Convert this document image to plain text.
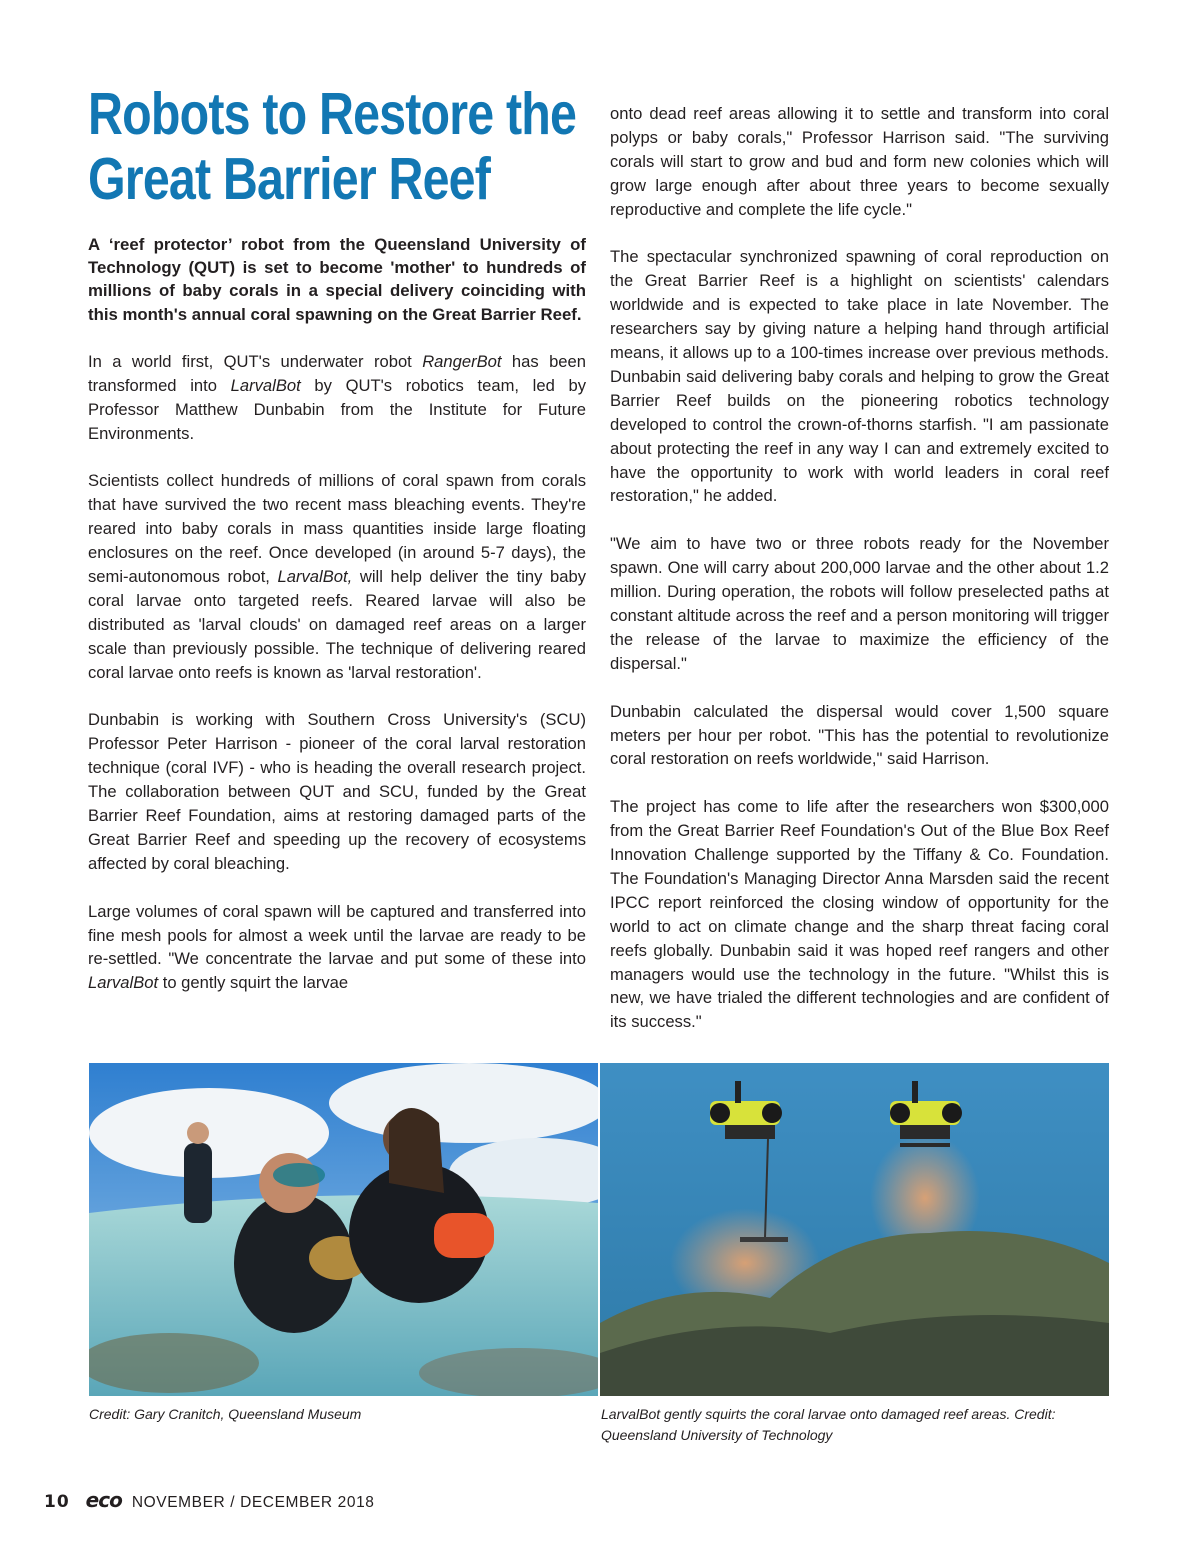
Robots to Restore the
Great Barrier Reef

A ‘reef protector’ robot from the Queensland University of Technology (QUT) is set to become 'mother' to hundreds of millions of baby corals in a special delivery coinciding with this month's annual coral spawning on the Great Barrier Reef.

In a world first, QUT's underwater robot RangerBot has been transformed into LarvalBot by QUT's robotics team, led by Professor Matthew Dunbabin from the Institute for Future Environments.

Scientists collect hundreds of millions of coral spawn from corals that have survived the two recent mass bleaching events. They're reared into baby corals in mass quantities inside large floating enclosures on the reef. Once developed (in around 5-7 days), the semi-autonomous robot, LarvalBot, will help deliver the tiny baby coral larvae onto targeted reefs. Reared larvae will also be distributed as 'larval clouds' on damaged reef areas on a larger scale than previously possible. The technique of delivering reared coral larvae onto reefs is known as 'larval restoration'.

Dunbabin is working with Southern Cross University's (SCU) Professor Peter Harrison - pioneer of the coral larval restoration technique (coral IVF) - who is heading the overall research project. The collaboration between QUT and SCU, funded by the Great Barrier Reef Foundation, aims at restoring damaged parts of the Great Barrier Reef and speeding up the recovery of ecosystems affected by coral bleaching.

Large volumes of coral spawn will be captured and transferred into fine mesh pools for almost a week until the larvae are ready to be re-settled. "We concentrate the larvae and put some of these into LarvalBot to gently squirt the larvae

onto dead reef areas allowing it to settle and transform into coral polyps or baby corals," Professor Harrison said. "The surviving corals will start to grow and bud and form new colonies which will grow large enough after about three years to become sexually reproductive and complete the life cycle."

The spectacular synchronized spawning of coral reproduction on the Great Barrier Reef is a highlight on scientists' calendars worldwide and is expected to take place in late November. The researchers say by giving nature a helping hand through artificial means, it allows up to a 100-times increase over previous methods. Dunbabin said delivering baby corals and helping to grow the Great Barrier Reef builds on the pioneering robotics technology developed to control the crown-of-thorns starfish. "I am passionate about protecting the reef in any way I can and extremely excited to have the opportunity to work with world leaders in coral reef restoration," he added.

"We aim to have two or three robots ready for the November spawn. One will carry about 200,000 larvae and the other about 1.2 million. During operation, the robots will follow preselected paths at constant altitude across the reef and a person monitoring will trigger the release of the larvae to maximize the efficiency of the dispersal."

Dunbabin calculated the dispersal would cover 1,500 square meters per hour per robot. "This has the potential to revolutionize coral restoration on reefs worldwide," said Harrison.

The project has come to life after the researchers won $300,000 from the Great Barrier Reef Foundation's Out of the Blue Box Reef Innovation Challenge supported by the Tiffany & Co. Foundation. The Foundation's Managing Director Anna Marsden said the recent IPCC report reinforced the closing window of opportunity for the world to act on climate change and the sharp threat facing coral reefs globally. Dunbabin said it was hoped reef rangers and other managers would use the technology in the future. "Whilst this is new, we have trialed the different technologies and are confident of its success."

Credit: Gary Cranitch, Queensland Museum	LarvalBot gently squirts the coral larvae onto damaged reef areas. Credit: Queensland University of Technology

10 eco NOVEMBER / DECEMBER 2018
